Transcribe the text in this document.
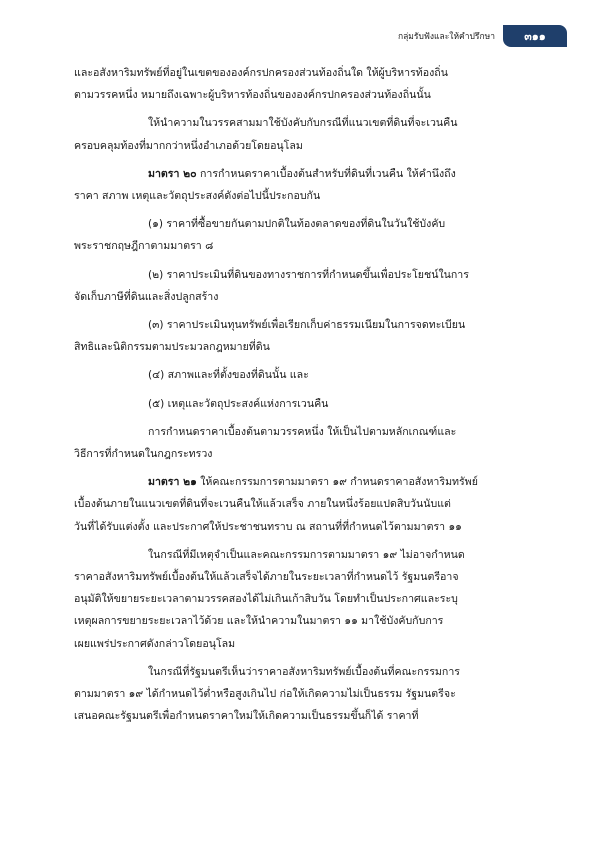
กลุ่มรับฟังและให้คำปรึกษา	๓๑๑
และอสังหาริมทรัพย์ที่อยู่ในเขตขององค์กรปกครองส่วนท้องถิ่นใด ให้ผู้บริหารท้องถิ่น
ตามวรรคหนึ่ง หมายถึงเฉพาะผู้บริหารท้องถิ่นขององค์กรปกครองส่วนท้องถิ่นนั้น
ให้นำความในวรรคสามมาใช้บังคับกับกรณีที่แนวเขตที่ดินที่จะเวนคืน
ครอบคลุมท้องที่มากกว่าหนึ่งอำเภอด้วยโดยอนุโลม
มาตรา ๒๐ การกำหนดราคาเบื้องต้นสำหรับที่ดินที่เวนคืน ให้คำนึงถึง
ราคา สภาพ เหตุและวัตถุประสงค์ดังต่อไปนี้ประกอบกัน
(๑) ราคาที่ซื้อขายกันตามปกติในท้องตลาดของที่ดินในวันใช้บังคับ
พระราชกฤษฎีกาตามมาตรา ๘
(๒) ราคาประเมินที่ดินของทางราชการที่กำหนดขึ้นเพื่อประโยชน์ในการ
จัดเก็บภาษีที่ดินและสิ่งปลูกสร้าง
(๓) ราคาประเมินทุนทรัพย์เพื่อเรียกเก็บค่าธรรมเนียมในการจดทะเบียน
สิทธิและนิติกรรมตามประมวลกฎหมายที่ดิน
(๔) สภาพและที่ตั้งของที่ดินนั้น และ
(๕) เหตุและวัตถุประสงค์แห่งการเวนคืน
การกำหนดราคาเบื้องต้นตามวรรคหนึ่ง ให้เป็นไปตามหลักเกณฑ์และ
วิธีการที่กำหนดในกฎกระทรวง
มาตรา ๒๑ ให้คณะกรรมการตามมาตรา ๑๙ กำหนดราคาอสังหาริมทรัพย์
เบื้องต้นภายในแนวเขตที่ดินที่จะเวนคืนให้แล้วเสร็จ ภายในหนึ่งร้อยแปดสิบวันนับแต่
วันที่ได้รับแต่งตั้ง และประกาศให้ประชาชนทราบ ณ สถานที่ที่กำหนดไว้ตามมาตรา ๑๑
ในกรณีที่มีเหตุจำเป็นและคณะกรรมการตามมาตรา ๑๙ ไม่อาจกำหนด
ราคาอสังหาริมทรัพย์เบื้องต้นให้แล้วเสร็จได้ภายในระยะเวลาที่กำหนดไว้ รัฐมนตรีอาจ
อนุมัติให้ขยายระยะเวลาตามวรรคสองได้ไม่เกินเก้าสิบวัน โดยทำเป็นประกาศและระบุ
เหตุผลการขยายระยะเวลาไว้ด้วย และให้นำความในมาตรา ๑๑ มาใช้บังคับกับการ
เผยแพร่ประกาศดังกล่าวโดยอนุโลม
ในกรณีที่รัฐมนตรีเห็นว่าราคาอสังหาริมทรัพย์เบื้องต้นที่คณะกรรมการ
ตามมาตรา ๑๙ ได้กำหนดไว้ต่ำหรือสูงเกินไป ก่อให้เกิดความไม่เป็นธรรม รัฐมนตรีจะ
เสนอคณะรัฐมนตรีเพื่อกำหนดราคาใหม่ให้เกิดความเป็นธรรมขึ้นก็ได้ ราคาที่
